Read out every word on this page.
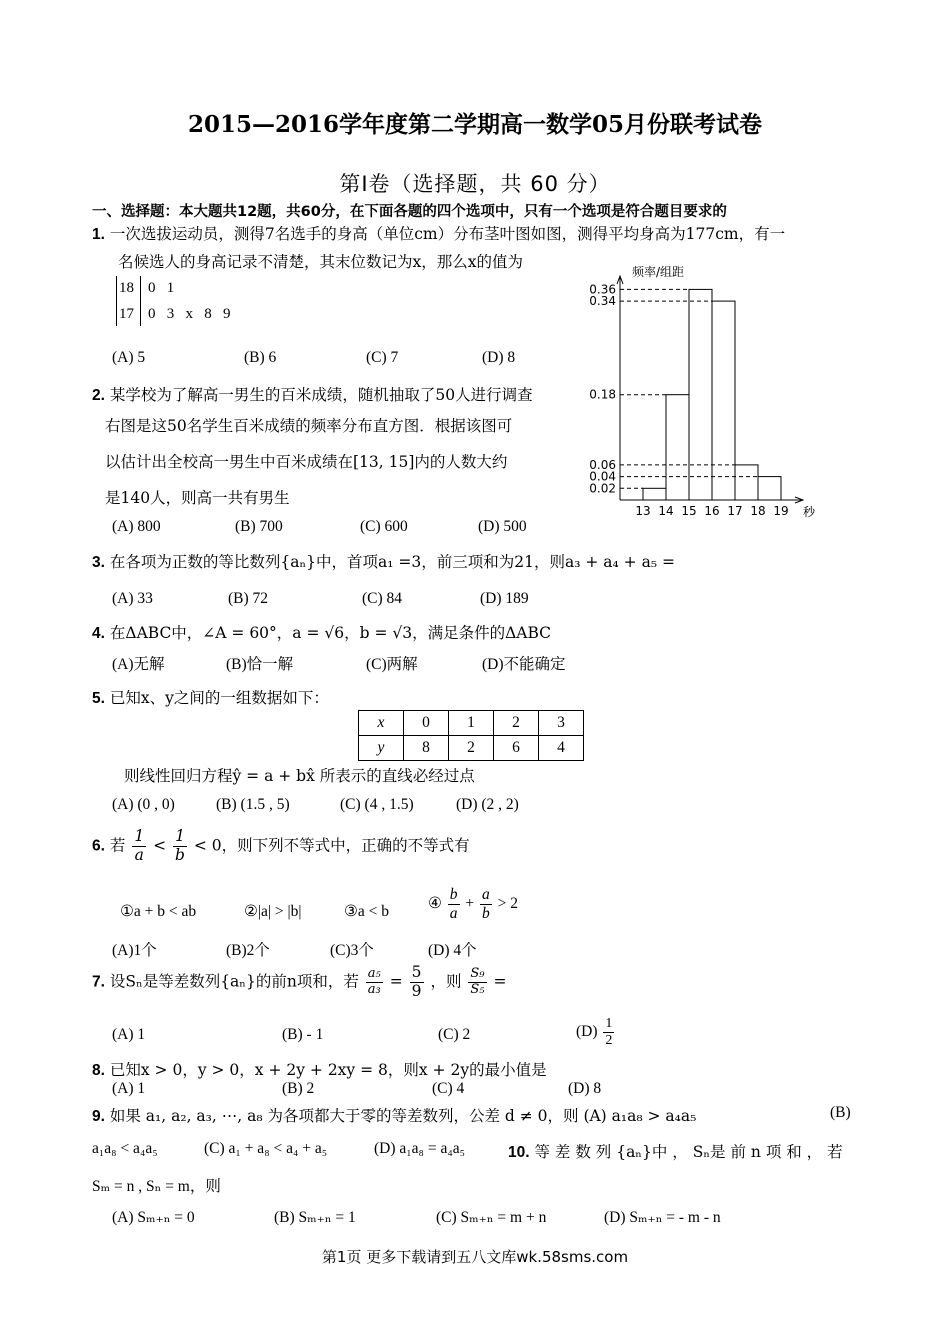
2015—2016学年度第二学期高一数学05月份联考试卷
第Ⅰ卷（选择题，共 60 分）
一、选择题：本大题共12题，共60分，在下面各题的四个选项中，只有一个选项是符合题目要求的
1. 一次选拔运动员，测得7名选手的身高（单位cm）分布茎叶图如图，测得平均身高为177cm，有一
名候选人的身高记录不清楚，其末位数记为x，那么x的值为
18 0   1
17 0   3   x   8   9
(A) 5	(B) 6	(C) 7	(D) 8
频率/组距
0.36
0.34
0.18
0.06
0.04
0.02
13 14 15 16 17 18 19 秒
2. 某学校为了解高一男生的百米成绩，随机抽取了50人进行调查
右图是这50名学生百米成绩的频率分布直方图．根据该图可
以估计出全校高一男生中百米成绩在[13, 15]内的人数大约
是140人，则高一共有男生
(A) 800	(B) 700	(C) 600	(D) 500
3. 在各项为正数的等比数列{aₙ}中，首项a₁ =3，前三项和为21，则a₃ + a₄ + a₅ =
(A) 33	(B) 72	(C) 84	(D) 189
4. 在ΔABC中，∠A = 60°，a = √6，b = √3，满足条件的ΔABC
(A)无解	(B)恰一解	(C)两解	(D)不能确定
5. 已知x、y之间的一组数据如下：
x	0	1	2	3
y	8	2	6	4
则线性回归方程ŷ = a + bx̂ 所表示的直线必经过点
(A) (0 , 0)	(B) (1.5 , 5)	(C) (4 , 1.5)	(D) (2 , 2)
6. 若 $\frac{1}{a} < \frac{1}{b} < 0$，则下列不等式中，正确的不等式有
①a + b < ab	②|a| > |b|	③a < b	④ $\frac{b}{a} + \frac{a}{b} > 2$
(A)1个	(B)2个	(C)3个	(D) 4个
7. 设Sₙ是等差数列{aₙ}的前n项和，若 $\frac{\text{a₅}}{\text{a₃}} = \frac{5}{9}$ ，则 $\frac{\text{S₉}}{\text{S₅}}$ =
(A) 1	(B) - 1	(C) 2	$(D) \frac{1}{2}$
8. 已知x > 0，y > 0，x + 2y + 2xy = 8，则x + 2y的最小值是
(A) 1	(B) 2	(C) 4	(D) 8
9. 如果 a₁, a₂, a₃, ⋯, a₈ 为各项都大于零的等差数列，公差 d ≠ 0，则 (A) a₁a₈ > a₄a₅	(B)
a₁a₈ < a₄a₅	(C) a₁ + a₈ < a₄ + a₅	(D) a₁a₈ = a₄a₅	10. 等 差 数 列 {aₙ}中 ， Sₙ是 前 n 项 和 ， 若
Sₘ = n , Sₙ = m，则
(A) Sₘ₊ₙ = 0	(B) Sₘ₊ₙ = 1	(C) Sₘ₊ₙ = m + n	(D) Sₘ₊ₙ = - m - n
第1页 更多下载请到五八文库wk.58sms.com
